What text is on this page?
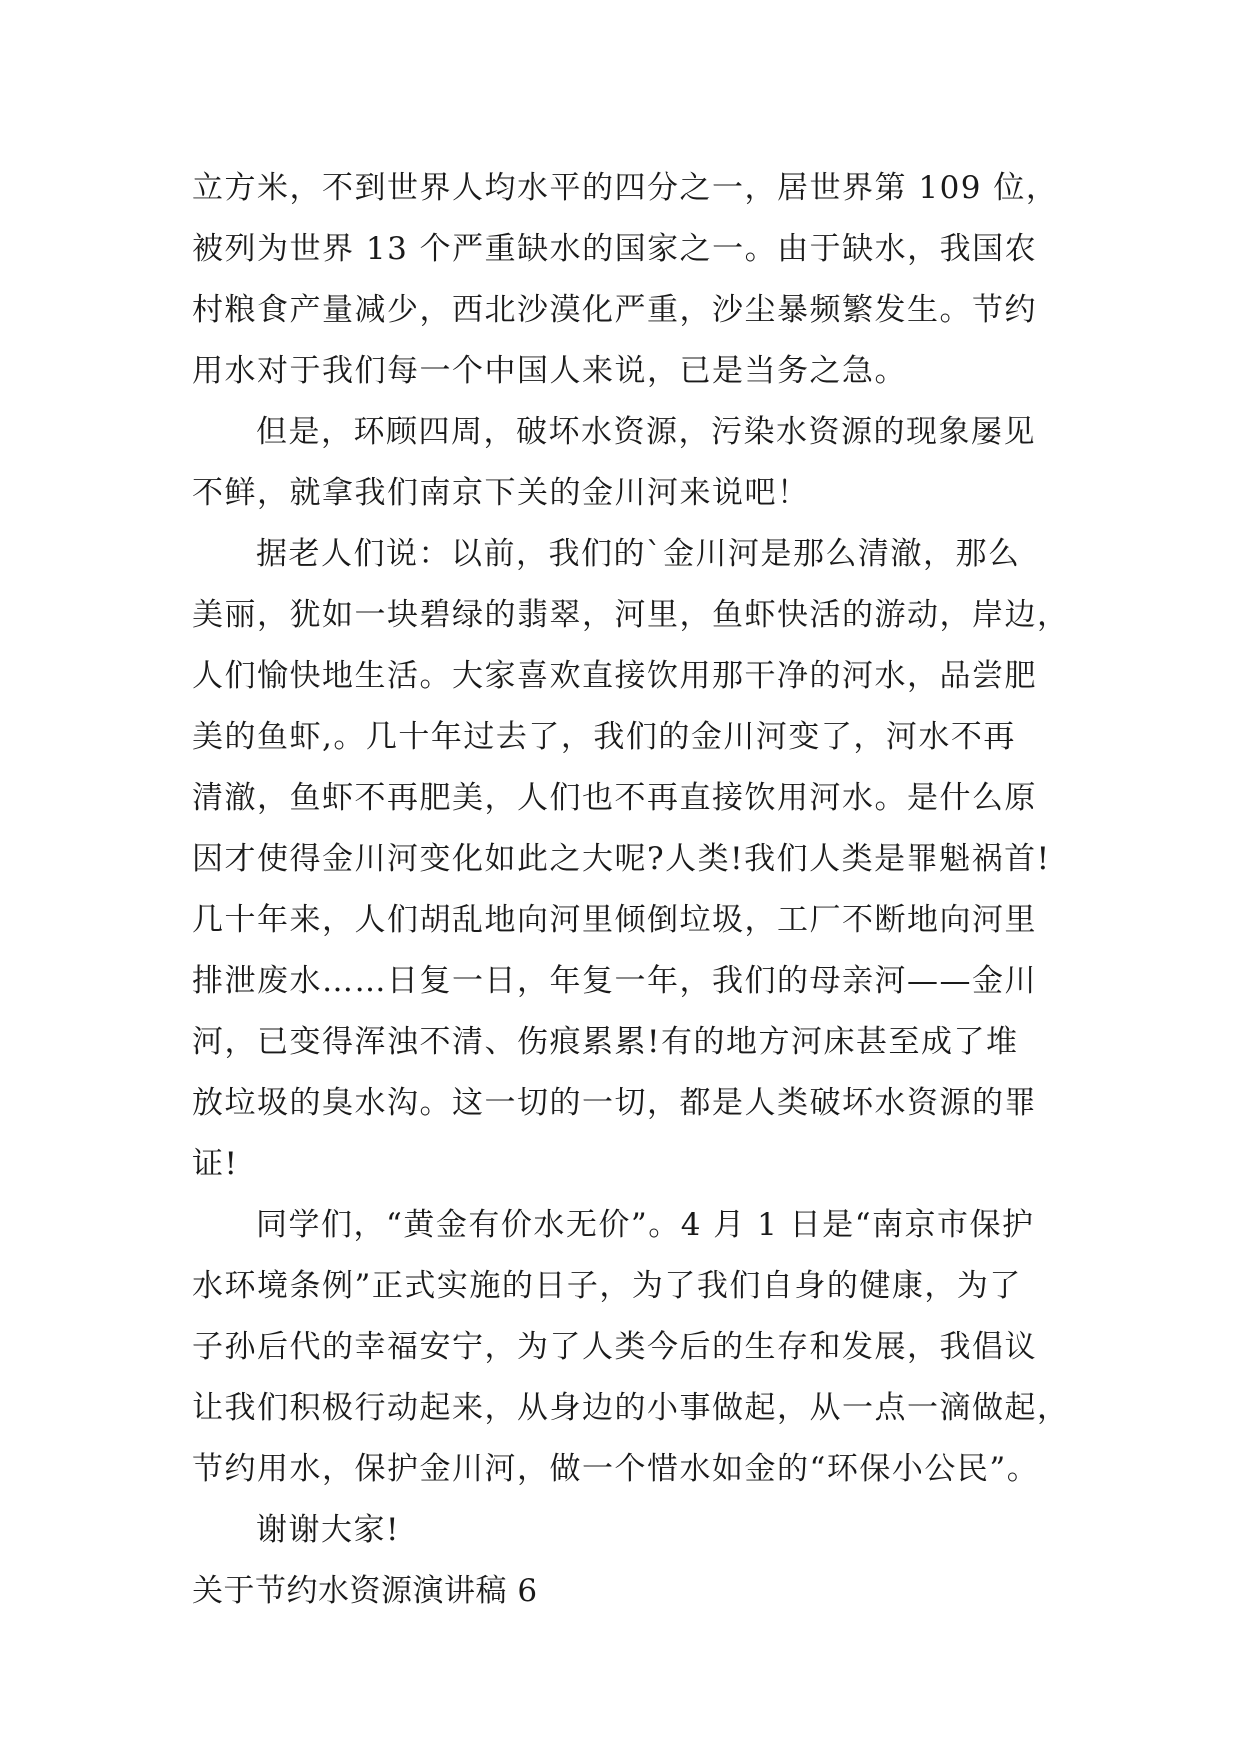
立方米，不到世界人均水平的四分之一，居世界第 109 位，
被列为世界 13 个严重缺水的国家之一。由于缺水，我国农
村粮食产量减少，西北沙漠化严重，沙尘暴频繁发生。节约
用水对于我们每一个中国人来说，已是当务之急。
但是，环顾四周，破坏水资源，污染水资源的现象屡见
不鲜，就拿我们南京下关的金川河来说吧！
据老人们说：以前，我们的`金川河是那么清澈，那么
美丽，犹如一块碧绿的翡翠，河里，鱼虾快活的游动，岸边，
人们愉快地生活。大家喜欢直接饮用那干净的河水，品尝肥
美的鱼虾,。几十年过去了，我们的金川河变了，河水不再
清澈，鱼虾不再肥美，人们也不再直接饮用河水。是什么原
因才使得金川河变化如此之大呢?人类!我们人类是罪魁祸首!
几十年来，人们胡乱地向河里倾倒垃圾，工厂不断地向河里
排泄废水……日复一日，年复一年，我们的母亲河——金川
河，已变得浑浊不清、伤痕累累!有的地方河床甚至成了堆
放垃圾的臭水沟。这一切的一切，都是人类破坏水资源的罪
证!
同学们，“黄金有价水无价”。4 月 1 日是“南京市保护
水环境条例”正式实施的日子，为了我们自身的健康，为了
子孙后代的幸福安宁，为了人类今后的生存和发展，我倡议
让我们积极行动起来，从身边的小事做起，从一点一滴做起，
节约用水，保护金川河，做一个惜水如金的“环保小公民”。
谢谢大家!
关于节约水资源演讲稿 6
